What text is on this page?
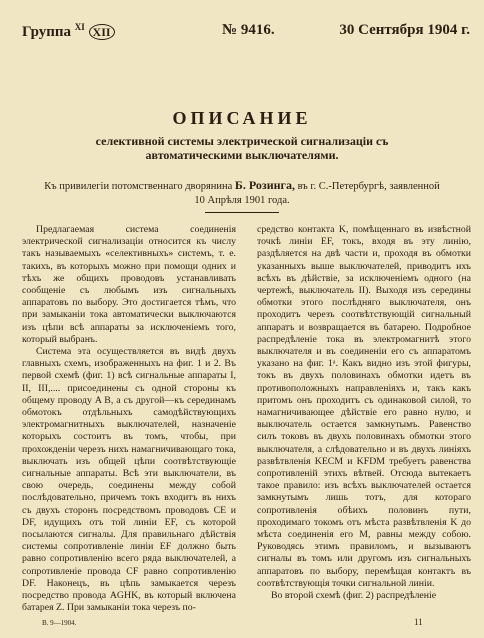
Группа $^{XI}$ XII	№ 9416.	30 Сентября 1904 г.
ОПИСАНИЕ
селективной системы электрической сигнализаціи съ автоматическими выключателями.
Къ привилегіи потомственнаго дворянина Б. Розинга, въ г. С.-Петербургѣ, заявленной 10 Апрѣля 1901 года.

Предлагаемая система соединенія электрической сигнализаціи относится къ числу такъ называемыхъ «селективныхъ» системъ, т. е. такихъ, въ которыхъ можно при помощи одних и тѣхъ же общихъ проводовъ устанавливать сообщеніе съ любымъ изъ сигнальныхъ аппаратовъ по выбору. Это достигается тѣмъ, что при замыканіи тока автоматически выключаются изъ цѣпи всѣ аппараты за исключеніемъ того, который выбранъ.

Система эта осуществляется въ видѣ двухъ главныхъ схемъ, изображенныхъ на фиг. 1 и 2. Въ первой схемѣ (фиг. 1) всѣ сигнальные аппараты I, II, III,.... присоединены съ одной стороны къ общему проводу A B, а съ другой—къ серединамъ обмотокъ отдѣльныхъ самодѣйствующихъ электромагнитныхъ выключателей, назначеніе которыхъ состоитъ въ томъ, чтобы, при прохожденіи черезъ нихъ намагничивающаго тока, выключать изъ общей цѣпи соотвѣтствующіе сигнальные аппараты. Всѣ эти выключатели, въ свою очередь, соединены между собой послѣдовательно, причемъ токъ входитъ въ нихъ съ двухъ сторонъ посредствомъ проводовъ CE и DF, идущихъ отъ той линіи EF, съ которой посылаются сигналы. Для правильнаго дѣйствія системы сопротивленіе линіи EF должно быть равно сопротивленію всего ряда выключателей, а сопротивленіе провода CF равно сопротивленію DF. Наконецъ, въ цѣпь замыкается черезъ посредство провода AGHK, въ который включена батарея Z. При замыканіи тока черезъ по-

средство контакта K, помѣщеннаго въ извѣстной точкѣ линіи EF, токъ, входя въ эту линію, раздѣляется на двѣ части и, проходя въ обмотки указанныхъ выше выключателей, приводитъ ихъ всѣхъ въ дѣйствіе, за исключеніемъ одного (на чертежѣ, выключатель II). Выходя изъ середины обмотки этого послѣдняго выключателя, онъ проходитъ черезъ соотвѣтствующій сигнальный аппаратъ и возвращается въ батарею. Подробное распредѣленіе тока въ электромагнитѣ этого выключателя и въ соединеніи его съ аппаратомъ указано на фиг. 1ᵃ. Какъ видно изъ этой фигуры, токъ въ двухъ половинахъ обмотки идетъ въ противоположныхъ направленіяхъ и, такъ какъ притомъ онъ проходитъ съ одинаковой силой, то намагничивающее дѣйствіе его равно нулю, и выключатель остается замкнутымъ. Равенство силъ токовъ въ двухъ половинахъ обмотки этого выключателя, а слѣдовательно и въ двухъ линіяхъ развѣтвленія KECM и KFDM требуетъ равенства сопротивленій этихъ вѣтвей. Отсюда вытекаетъ такое правило: изъ всѣхъ выключателей остается замкнутымъ лишь тотъ, для котораго сопротивленія обѣихъ половинъ пути, проходимаго токомъ отъ мѣста развѣтвленія K до мѣста соединенія его M, равны между собою. Руководясь этимъ правиломъ, и вызываютъ сигналы въ томъ или другомъ изъ сигнальныхъ аппаратовъ по выбору, перемѣщая контактъ въ соотвѣтствующія точки сигнальной линіи.

Во второй схемѣ (фиг. 2) распредѣленіе

В. 9—1904.	11
